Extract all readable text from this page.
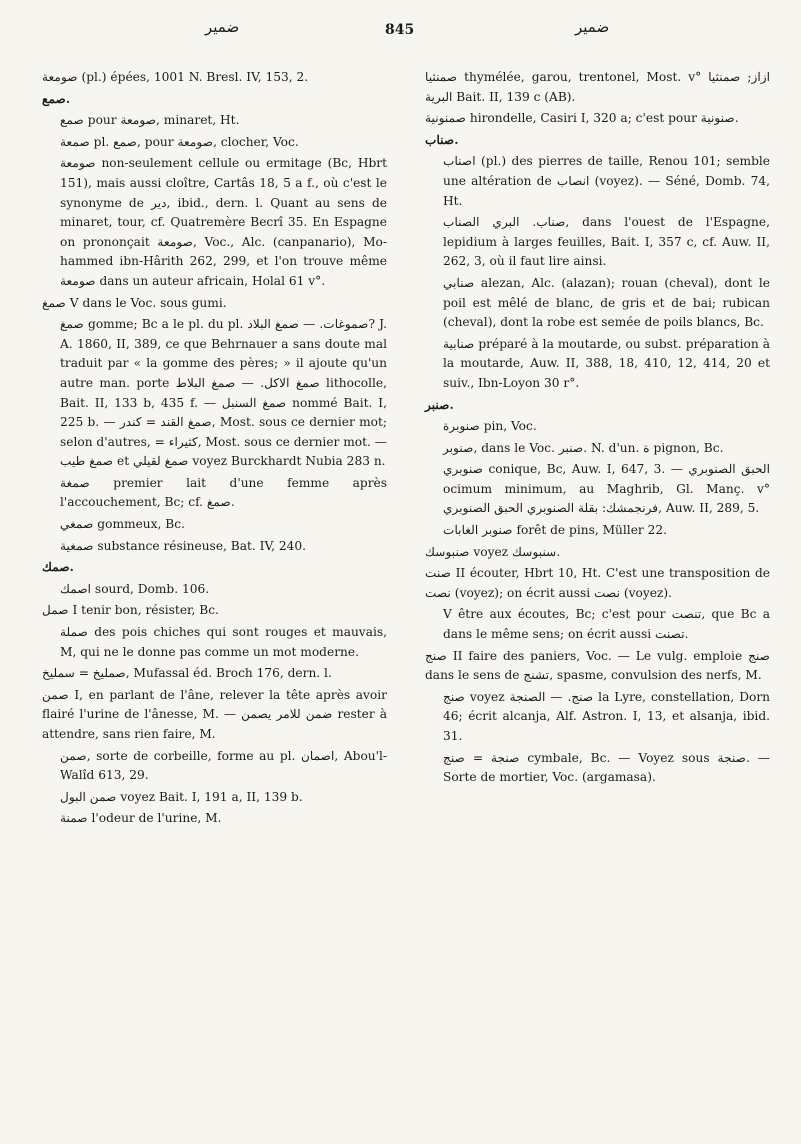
ضمير	845	ضمير

صومعة (pl.) épées, 1001 N. Bresl. IV, 153, 2.

صمع.

صمع pour صومعة, minaret, Ht.

صمعة pl. صمع, pour صومعة, clocher, Voc.

صومعة non-seulement cellule ou ermitage (Bc, Hbrt 151), mais aussi cloître, Cartâs 18, 5 a f., où c'est le synonyme de دير, ibid., dern. l. Quant au sens de minaret, tour, cf. Quatremère Becrî 35. En Espagne on prononçait صومعة, Voc., Alc. (canpanario), Mo-hammed ibn-Hârith 262, 299, et l'on trouve même صومعة dans un auteur africain, Holal 61 v°.

صمغ V dans le Voc. sous gumi.

صمغ gomme; Bc a le pl. du pl. صموغات. — صمغ البلاد? J. A. 1860, II, 389, ce que Behrnauer a sans doute mal traduit par « la gomme des pères; » il ajoute qu'un autre man. porte صمغ الاكل. — صمغ البلاط lithocolle, Bait. II, 133 b, 435 f. — صمغ السنبل nommé Bait. I, 225 b. — صمغ القند = كندر, Most. sous ce dernier mot; selon d'autres, = كثيراء, Most. sous ce dernier mot. — صمغ طيب et صمغ لقيلي voyez Burckhardt Nubia 283 n.

صمغة premier lait d'une femme après l'accouchement, Bc; cf. صمغ.

صمغي gommeux, Bc.

صمغية substance résineuse, Bat. IV, 240.

صمك.

اصمك sourd, Domb. 106.

صمل I tenir bon, résister, Bc.

صملة des pois chiches qui sont rouges et mauvais, M, qui ne le donne pas comme un mot moderne.

صمليخ = سمليخ, Mufassal éd. Broch 176, dern. l.

صمن I, en parlant de l'âne, relever la tête après avoir flairé l'urine de l'ânesse, M. — ضمن للامر يصمن rester à attendre, sans rien faire, M.

صمن, sorte de corbeille, forme au pl. اصمان, Abou'l-Walîd 613, 29.

صمن البول voyez Bait. I, 191 a, II, 139 b.

صمنة l'odeur de l'urine, M.

صمنثيا thymélée, garou, trentonel, Most. v° ازاز; صمنثيا البرية Bait. II, 139 c (AB).

صمنونية hirondelle, Casiri I, 320 a; c'est pour صنونية.

صناب.

اصناب (pl.) des pierres de taille, Renou 101; semble une altération de انصاب (voyez). — Séné, Domb. 74, Ht.

صناب. البري الصناب, dans l'ouest de l'Espagne, lepidium à larges feuilles, Bait. I, 357 c, cf. Auw. II, 262, 3, où il faut lire ainsi.

صنابي alezan, Alc. (alazan); rouan (cheval), dont le poil est mêlé de blanc, de gris et de bai; rubican (cheval), dont la robe est semée de poils blancs, Bc.

صنابية préparé à la moutarde, ou subst. préparation à la moutarde, Auw. II, 388, 18, 410, 12, 414, 20 et suiv., Ibn-Loyon 30 r°.

صنبر.

صنوبرة pin, Voc.

صنوبر, dans le Voc. صنبر. N. d'un. ة pignon, Bc.

صنوبري conique, Bc, Auw. I, 647, 3. — الحبق الصنوبري ocimum minimum, au Maghrib, Gl. Manç. v° فرنجمشك: بقلة الصنوبري الحبق الصنوبري, Auw. II, 289, 5.

صنوبر الغابات forêt de pins, Müller 22.

صنبوسك voyez سنبوسك.

صنت II écouter, Hbrt 10, Ht. C'est une transposition de نصت (voyez); on écrit aussi نصت (voyez).

V être aux écoutes, Bc; c'est pour تنصت, que Bc a dans le même sens; on écrit aussi تصنت.

صنج II faire des paniers, Voc. — Le vulg. emploie صنج dans le sens de تشنج, spasme, convulsion des nerfs, M.

صنج voyez صنج. — الصنجة la Lyre, constellation, Dorn 46; écrit alcanja, Alf. Astron. I, 13, et alsanja, ibid. 31.

صنجة = صنج cymbale, Bc. — Voyez sous صنجة. — Sorte de mortier, Voc. (argamasa).
